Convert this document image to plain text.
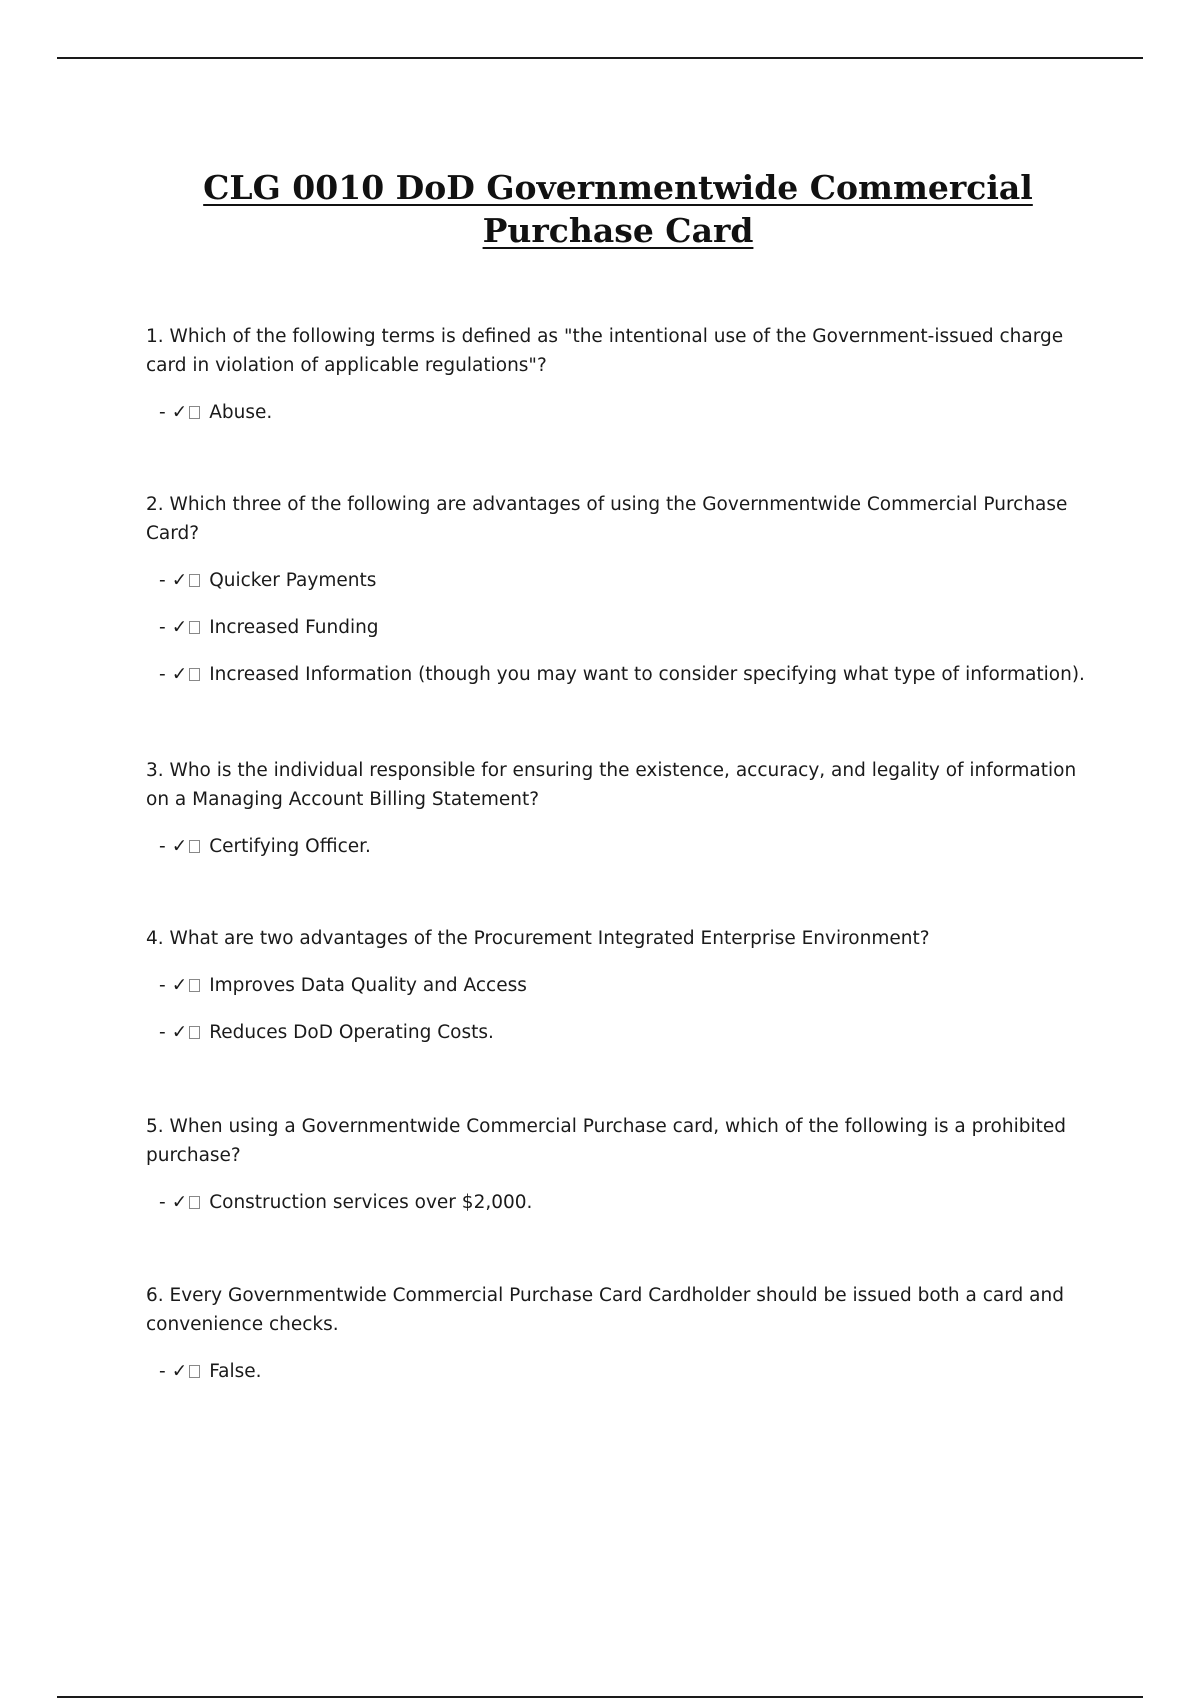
CLG 0010 DoD Governmentwide Commercial Purchase Card

1. Which of the following terms is defined as "the intentional use of the Government-issued charge card in violation of applicable regulations"?

- ✓ Abuse.

2. Which three of the following are advantages of using the Governmentwide Commercial Purchase Card?

- ✓ Quicker Payments
- ✓ Increased Funding
- ✓ Increased Information (though you may want to consider specifying what type of information).

3. Who is the individual responsible for ensuring the existence, accuracy, and legality of information on a Managing Account Billing Statement?

- ✓ Certifying Officer.

4. What are two advantages of the Procurement Integrated Enterprise Environment?

- ✓ Improves Data Quality and Access
- ✓ Reduces DoD Operating Costs.

5. When using a Governmentwide Commercial Purchase card, which of the following is a prohibited purchase?

- ✓ Construction services over $2,000.

6. Every Governmentwide Commercial Purchase Card Cardholder should be issued both a card and convenience checks.

- ✓ False.
